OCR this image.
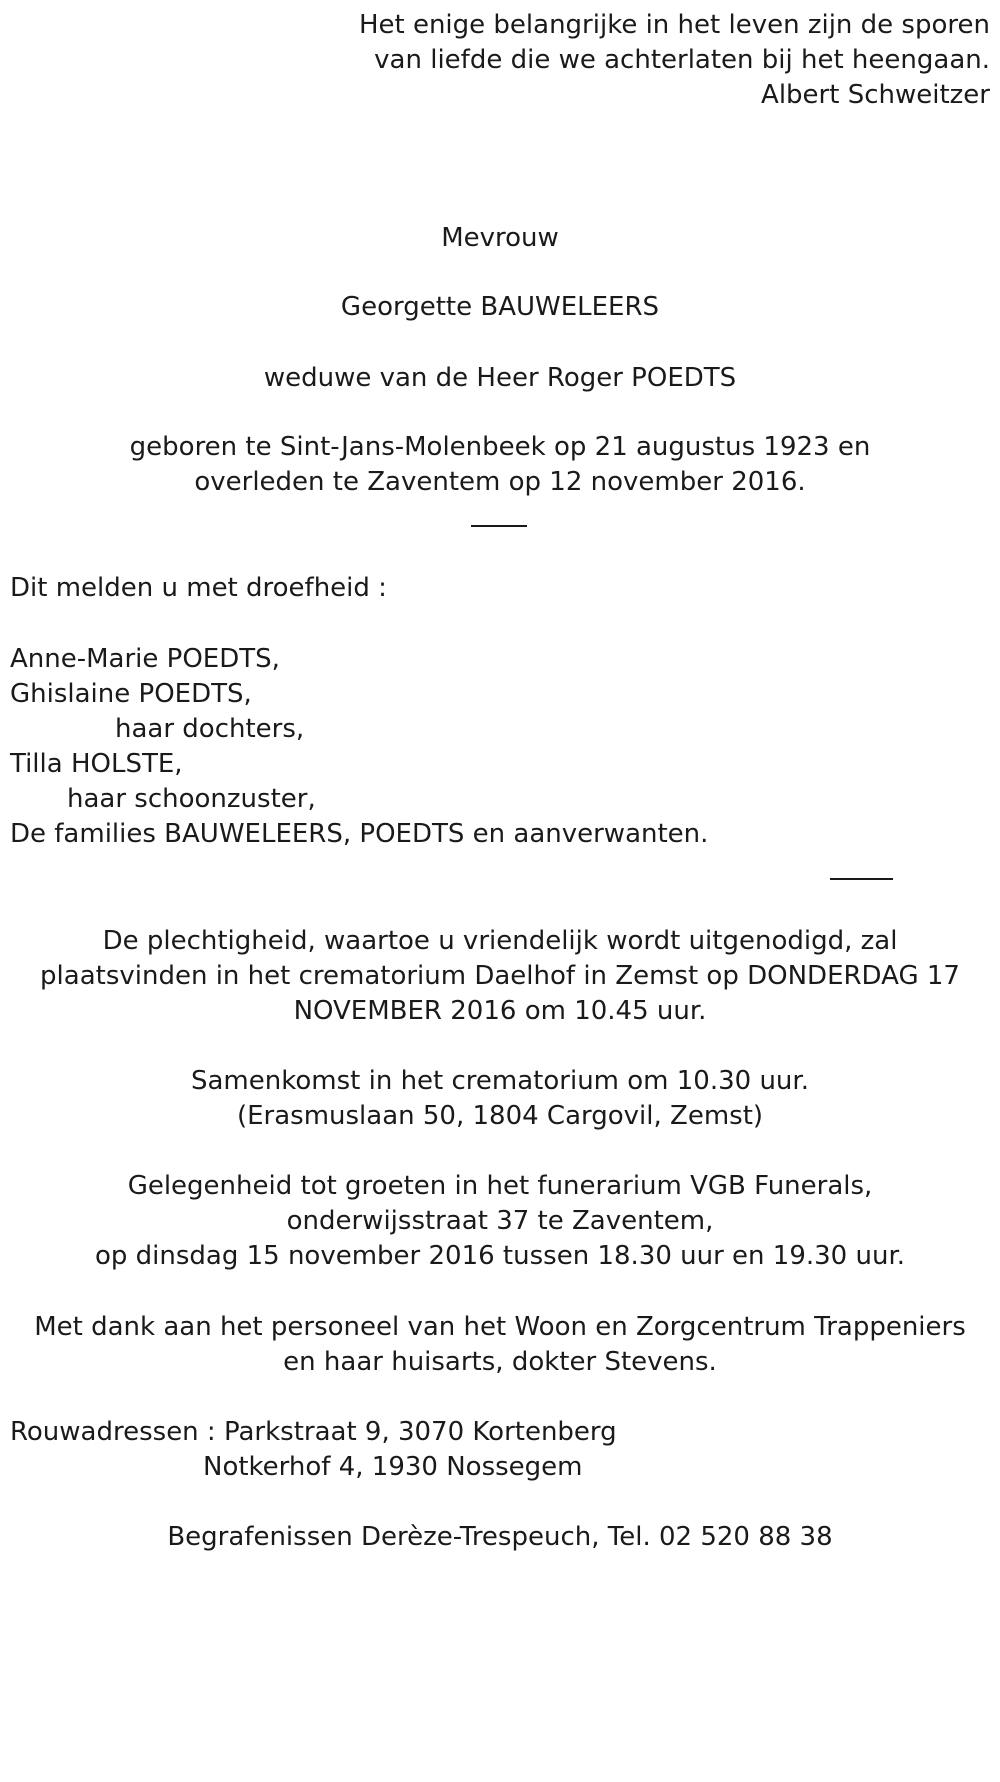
Het enige belangrijke in het leven zijn de sporen
van liefde die we achterlaten bij het heengaan.
Albert Schweitzer
Mevrouw
Georgette BAUWELEERS
weduwe van de Heer Roger POEDTS
geboren te Sint-Jans-Molenbeek op 21 augustus 1923 en
overleden te Zaventem op 12 november 2016.
Dit melden u met droefheid :
Anne-Marie POEDTS,
Ghislaine POEDTS,
haar dochters,
Tilla HOLSTE,
haar schoonzuster,
De families BAUWELEERS, POEDTS en aanverwanten.
De plechtigheid, waartoe u vriendelijk wordt uitgenodigd, zal
plaatsvinden in het crematorium Daelhof in Zemst op DONDERDAG 17
NOVEMBER 2016 om 10.45 uur.
Samenkomst in het crematorium om 10.30 uur.
(Erasmuslaan 50, 1804 Cargovil, Zemst)
Gelegenheid tot groeten in het funerarium VGB Funerals,
onderwijsstraat 37 te Zaventem,
op dinsdag 15 november 2016 tussen 18.30 uur en 19.30 uur.
Met dank aan het personeel van het Woon en Zorgcentrum Trappeniers
en haar huisarts, dokter Stevens.
Rouwadressen : Parkstraat 9, 3070 Kortenberg
Notkerhof 4, 1930 Nossegem
Begrafenissen Derèze-Trespeuch, Tel. 02 520 88 38
